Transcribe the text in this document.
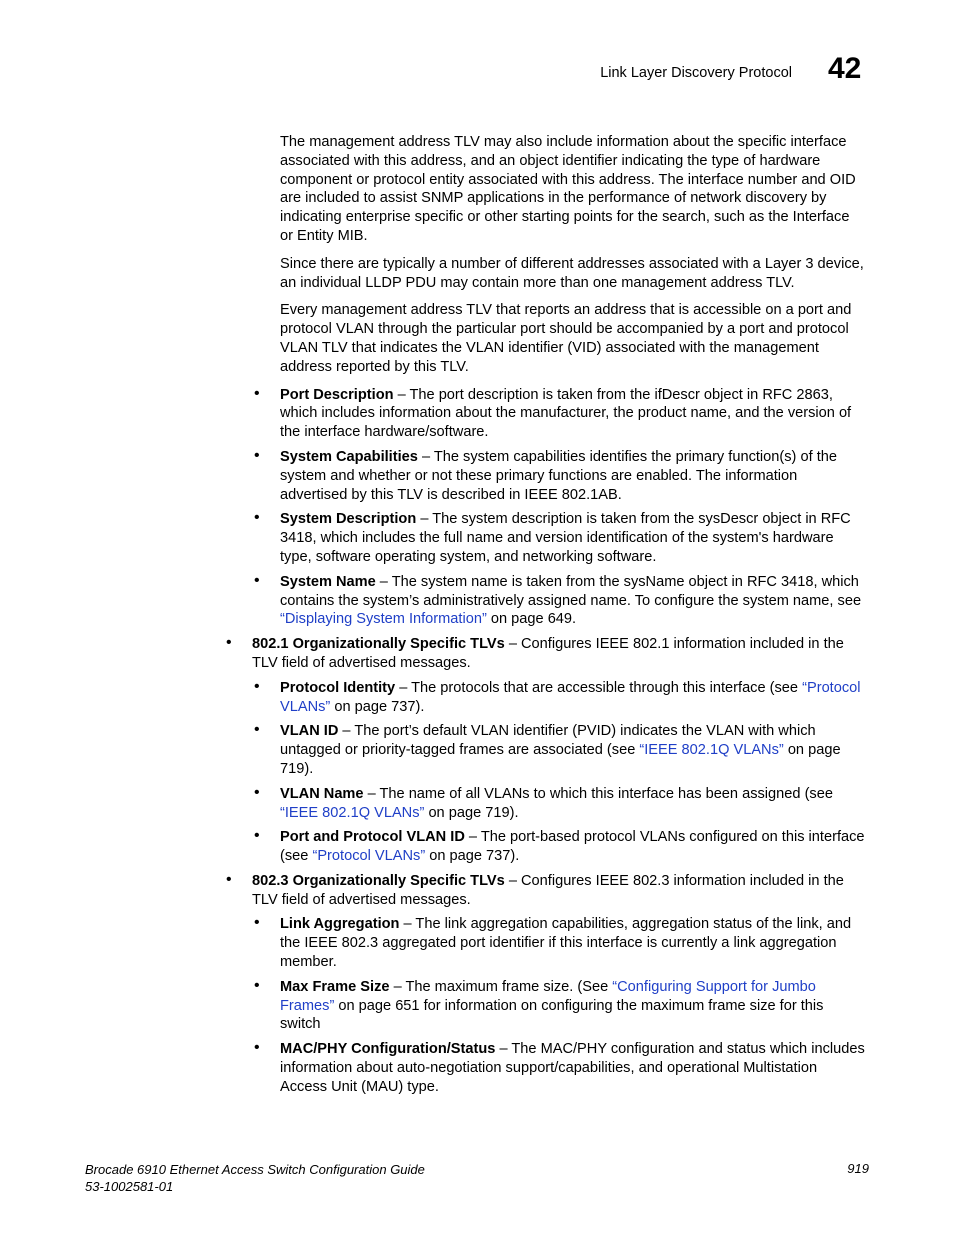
Link Layer Discovery Protocol 42

The management address TLV may also include information about the specific interface associated with this address, and an object identifier indicating the type of hardware component or protocol entity associated with this address. The interface number and OID are included to assist SNMP applications in the performance of network discovery by indicating enterprise specific or other starting points for the search, such as the Interface or Entity MIB.

Since there are typically a number of different addresses associated with a Layer 3 device, an individual LLDP PDU may contain more than one management address TLV.

Every management address TLV that reports an address that is accessible on a port and protocol VLAN through the particular port should be accompanied by a port and protocol VLAN TLV that indicates the VLAN identifier (VID) associated with the management address reported by this TLV.

• Port Description – The port description is taken from the ifDescr object in RFC 2863, which includes information about the manufacturer, the product name, and the version of the interface hardware/software.
• System Capabilities – The system capabilities identifies the primary function(s) of the system and whether or not these primary functions are enabled. The information advertised by this TLV is described in IEEE 802.1AB.
• System Description – The system description is taken from the sysDescr object in RFC 3418, which includes the full name and version identification of the system's hardware type, software operating system, and networking software.
• System Name – The system name is taken from the sysName object in RFC 3418, which contains the system’s administratively assigned name. To configure the system name, see “Displaying System Information” on page 649.
• 802.1 Organizationally Specific TLVs – Configures IEEE 802.1 information included in the TLV field of advertised messages.
• Protocol Identity – The protocols that are accessible through this interface (see “Protocol VLANs” on page 737).
• VLAN ID – The port’s default VLAN identifier (PVID) indicates the VLAN with which untagged or priority-tagged frames are associated (see “IEEE 802.1Q VLANs” on page 719).
• VLAN Name – The name of all VLANs to which this interface has been assigned (see “IEEE 802.1Q VLANs” on page 719).
• Port and Protocol VLAN ID – The port-based protocol VLANs configured on this interface (see “Protocol VLANs” on page 737).
• 802.3 Organizationally Specific TLVs – Configures IEEE 802.3 information included in the TLV field of advertised messages.
• Link Aggregation – The link aggregation capabilities, aggregation status of the link, and the IEEE 802.3 aggregated port identifier if this interface is currently a link aggregation member.
• Max Frame Size – The maximum frame size. (See “Configuring Support for Jumbo Frames” on page 651 for information on configuring the maximum frame size for this switch
• MAC/PHY Configuration/Status – The MAC/PHY configuration and status which includes information about auto-negotiation support/capabilities, and operational Multistation Access Unit (MAU) type.
Brocade 6910 Ethernet Access Switch Configuration Guide
53-1002581-01
919
